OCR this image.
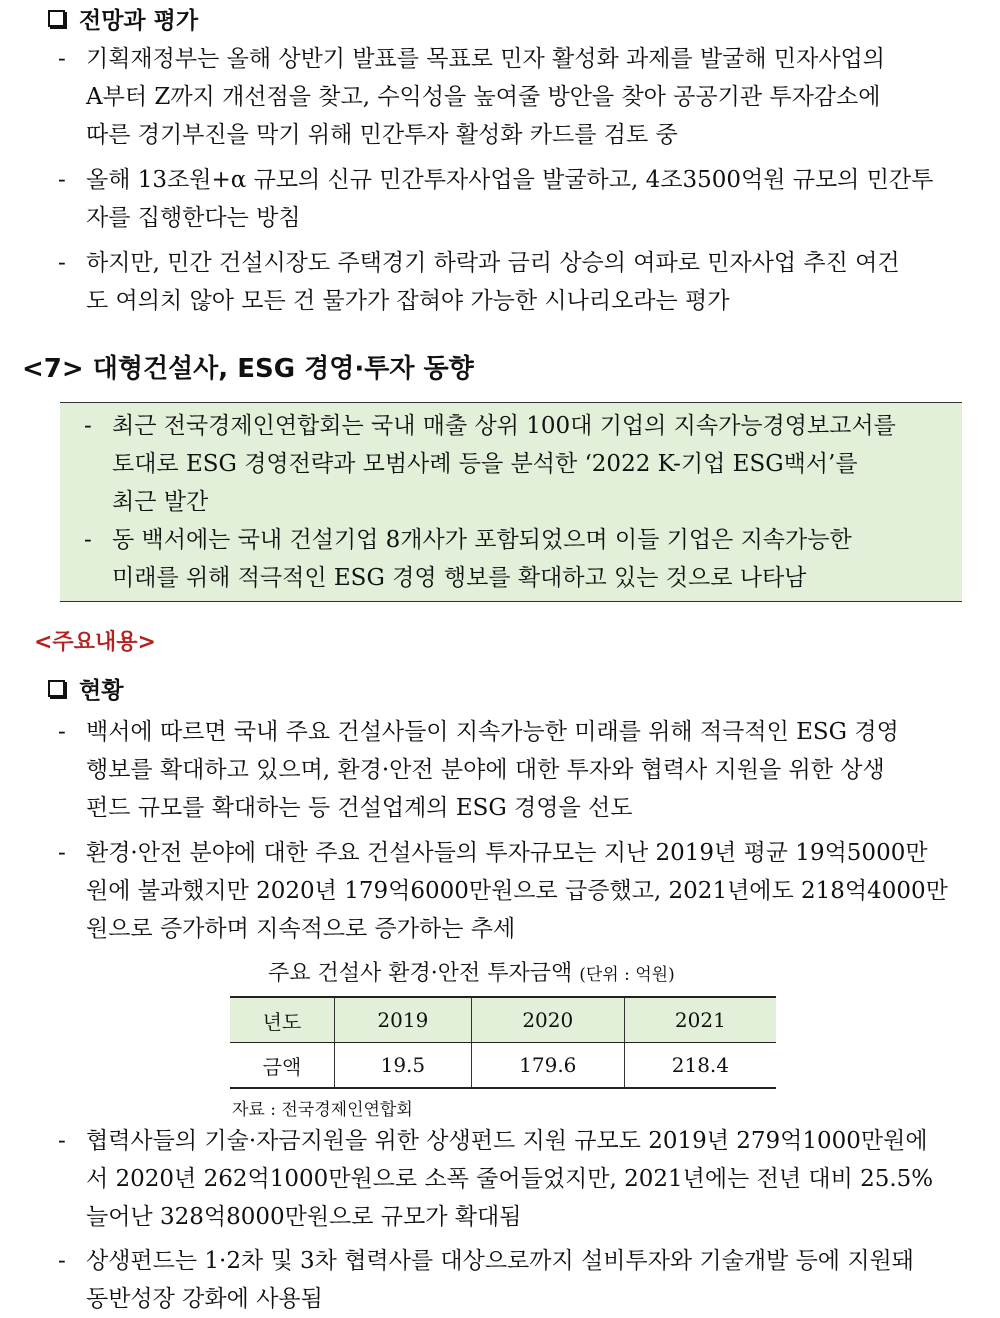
전망과 평가
- 기획재정부는 올해 상반기 발표를 목표로 민자 활성화 과제를 발굴해 민자사업의
A부터 Z까지 개선점을 찾고, 수익성을 높여줄 방안을 찾아 공공기관 투자감소에
따른 경기부진을 막기 위해 민간투자 활성화 카드를 검토 중
- 올해 13조원+α 규모의 신규 민간투자사업을 발굴하고, 4조3500억원 규모의 민간투
자를 집행한다는 방침
- 하지만, 민간 건설시장도 주택경기 하락과 금리 상승의 여파로 민자사업 추진 여건
도 여의치 않아 모든 건 물가가 잡혀야 가능한 시나리오라는 평가
<7> 대형건설사, ESG 경영·투자 동향
- 최근 전국경제인연합회는 국내 매출 상위 100대 기업의 지속가능경영보고서를
토대로 ESG 경영전략과 모범사례 등을 분석한 ‘2022 K-기업 ESG백서’를
최근 발간
- 동 백서에는 국내 건설기업 8개사가 포함되었으며 이들 기업은 지속가능한
미래를 위해 적극적인 ESG 경영 행보를 확대하고 있는 것으로 나타남
<주요내용>
현황
- 백서에 따르면 국내 주요 건설사들이 지속가능한 미래를 위해 적극적인 ESG 경영
행보를 확대하고 있으며, 환경·안전 분야에 대한 투자와 협력사 지원을 위한 상생
펀드 규모를 확대하는 등 건설업계의 ESG 경영을 선도
- 환경·안전 분야에 대한 주요 건설사들의 투자규모는 지난 2019년 평균 19억5000만
원에 불과했지만 2020년 179억6000만원으로 급증했고, 2021년에도 218억4000만
원으로 증가하며 지속적으로 증가하는 추세
주요 건설사 환경·안전 투자금액 (단위 : 억원)
년도	2019	2020	2021
금액	19.5	179.6	218.4
자료 : 전국경제인연합회
- 협력사들의 기술·자금지원을 위한 상생펀드 지원 규모도 2019년 279억1000만원에
서 2020년 262억1000만원으로 소폭 줄어들었지만, 2021년에는 전년 대비 25.5%
늘어난 328억8000만원으로 규모가 확대됨
- 상생펀드는 1·2차 및 3차 협력사를 대상으로까지 설비투자와 기술개발 등에 지원돼
동반성장 강화에 사용됨
